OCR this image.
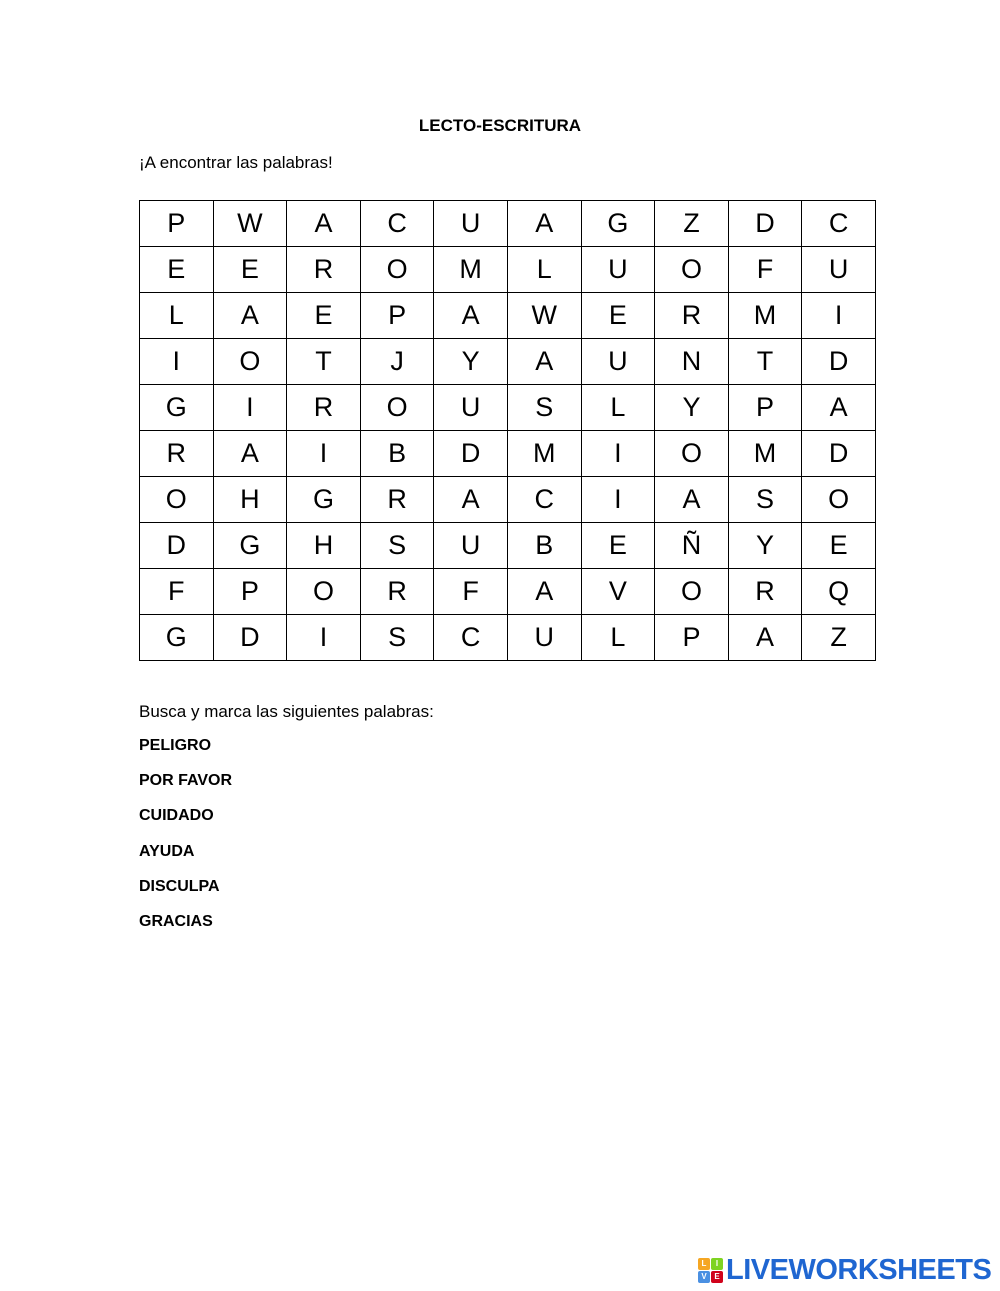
LECTO-ESCRITURA
¡A encontrar las palabras!
P	W	A	C	U	A	G	Z	D	C
E	E	R	O	M	L	U	O	F	U
L	A	E	P	A	W	E	R	M	I
I	O	T	J	Y	A	U	N	T	D
G	I	R	O	U	S	L	Y	P	A
R	A	I	B	D	M	I	O	M	D
O	H	G	R	A	C	I	A	S	O
D	G	H	S	U	B	E	Ñ	Y	E
F	P	O	R	F	A	V	O	R	Q
G	D	I	S	C	U	L	P	A	Z
Busca y marca las siguientes palabras:
PELIGRO
POR FAVOR
CUIDADO
AYUDA
DISCULPA
GRACIAS
L	I
V E LIVEWORKSHEETS
